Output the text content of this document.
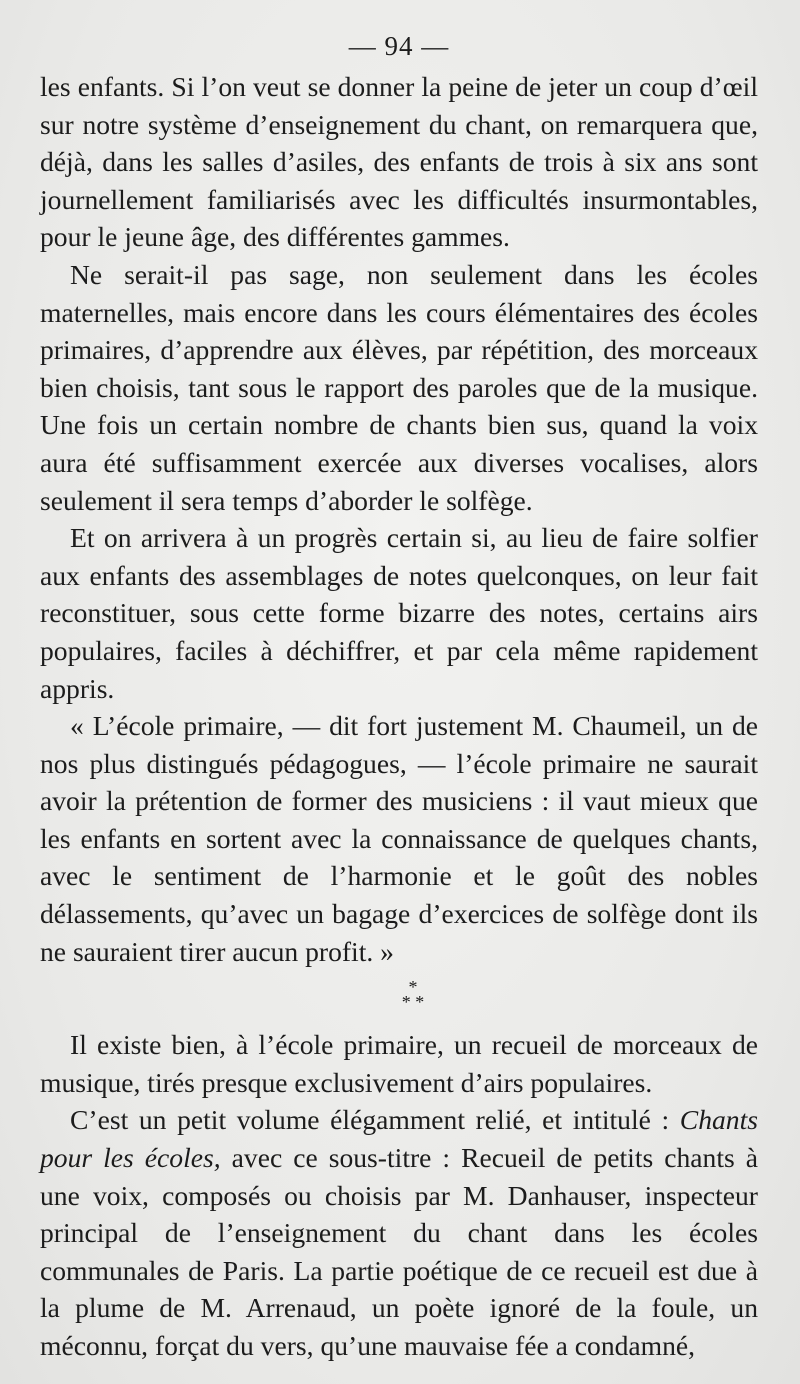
— 94 —

les enfants. Si l’on veut se donner la peine de jeter un coup d’œil sur notre système d’enseignement du chant, on remarquera que, déjà, dans les salles d’asiles, des enfants de trois à six ans sont journellement familiarisés avec les difficultés insurmontables, pour le jeune âge, des différentes gammes.

Ne serait-il pas sage, non seulement dans les écoles maternelles, mais encore dans les cours élémentaires des écoles primaires, d’apprendre aux élèves, par répétition, des morceaux bien choisis, tant sous le rapport des paroles que de la musique. Une fois un certain nombre de chants bien sus, quand la voix aura été suffisamment exercée aux diverses vocalises, alors seulement il sera temps d’aborder le solfège.

Et on arrivera à un progrès certain si, au lieu de faire solfier aux enfants des assemblages de notes quelconques, on leur fait reconstituer, sous cette forme bizarre des notes, certains airs populaires, faciles à déchiffrer, et par cela même rapidement appris.

« L’école primaire, — dit fort justement M. Chaumeil, un de nos plus distingués pédagogues, — l’école primaire ne saurait avoir la prétention de former des musiciens : il vaut mieux que les enfants en sortent avec la connaissance de quelques chants, avec le sentiment de l’harmonie et le goût des nobles délassements, qu’avec un bagage d’exercices de solfège dont ils ne sauraient tirer aucun profit. »

*
* *

Il existe bien, à l’école primaire, un recueil de morceaux de musique, tirés presque exclusivement d’airs populaires.

C’est un petit volume élégamment relié, et intitulé : Chants pour les écoles, avec ce sous-titre : Recueil de petits chants à une voix, composés ou choisis par M. Danhauser, inspecteur principal de l’enseignement du chant dans les écoles communales de Paris. La partie poétique de ce recueil est due à la plume de M. Arrenaud, un poète ignoré de la foule, un méconnu, forçat du vers, qu’une mauvaise fée a condamné,
